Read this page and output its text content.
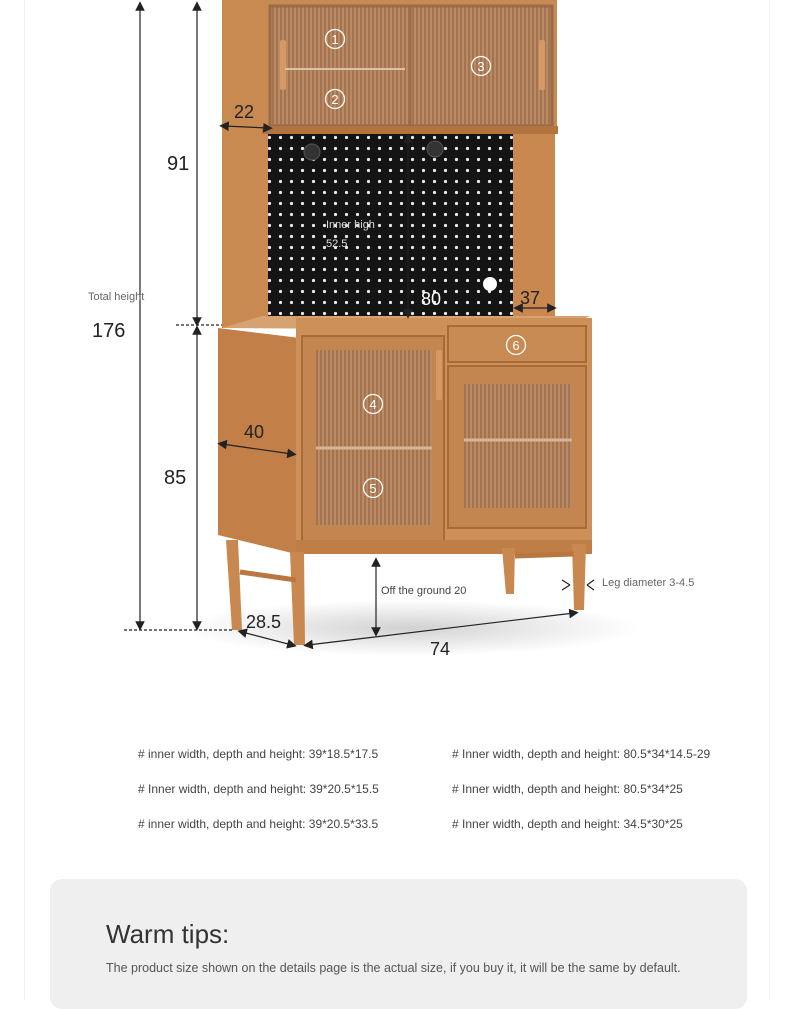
Total height
176
91
85
22
40
Inner high
52.5
80	37
Off the ground 20
Leg diameter 3-4.5
28.5
74
1
2
3
4
5
6
# inner width, depth and height: 39*18.5*17.5
# Inner width, depth and height: 39*20.5*15.5
# inner width, depth and height: 39*20.5*33.5
# Inner width, depth and height: 80.5*34*14.5-29
# Inner width, depth and height: 80.5*34*25
# Inner width, depth and height: 34.5*30*25
Warm tips:
The product size shown on the details page is the actual size, if you buy it, it will be the same by default.
